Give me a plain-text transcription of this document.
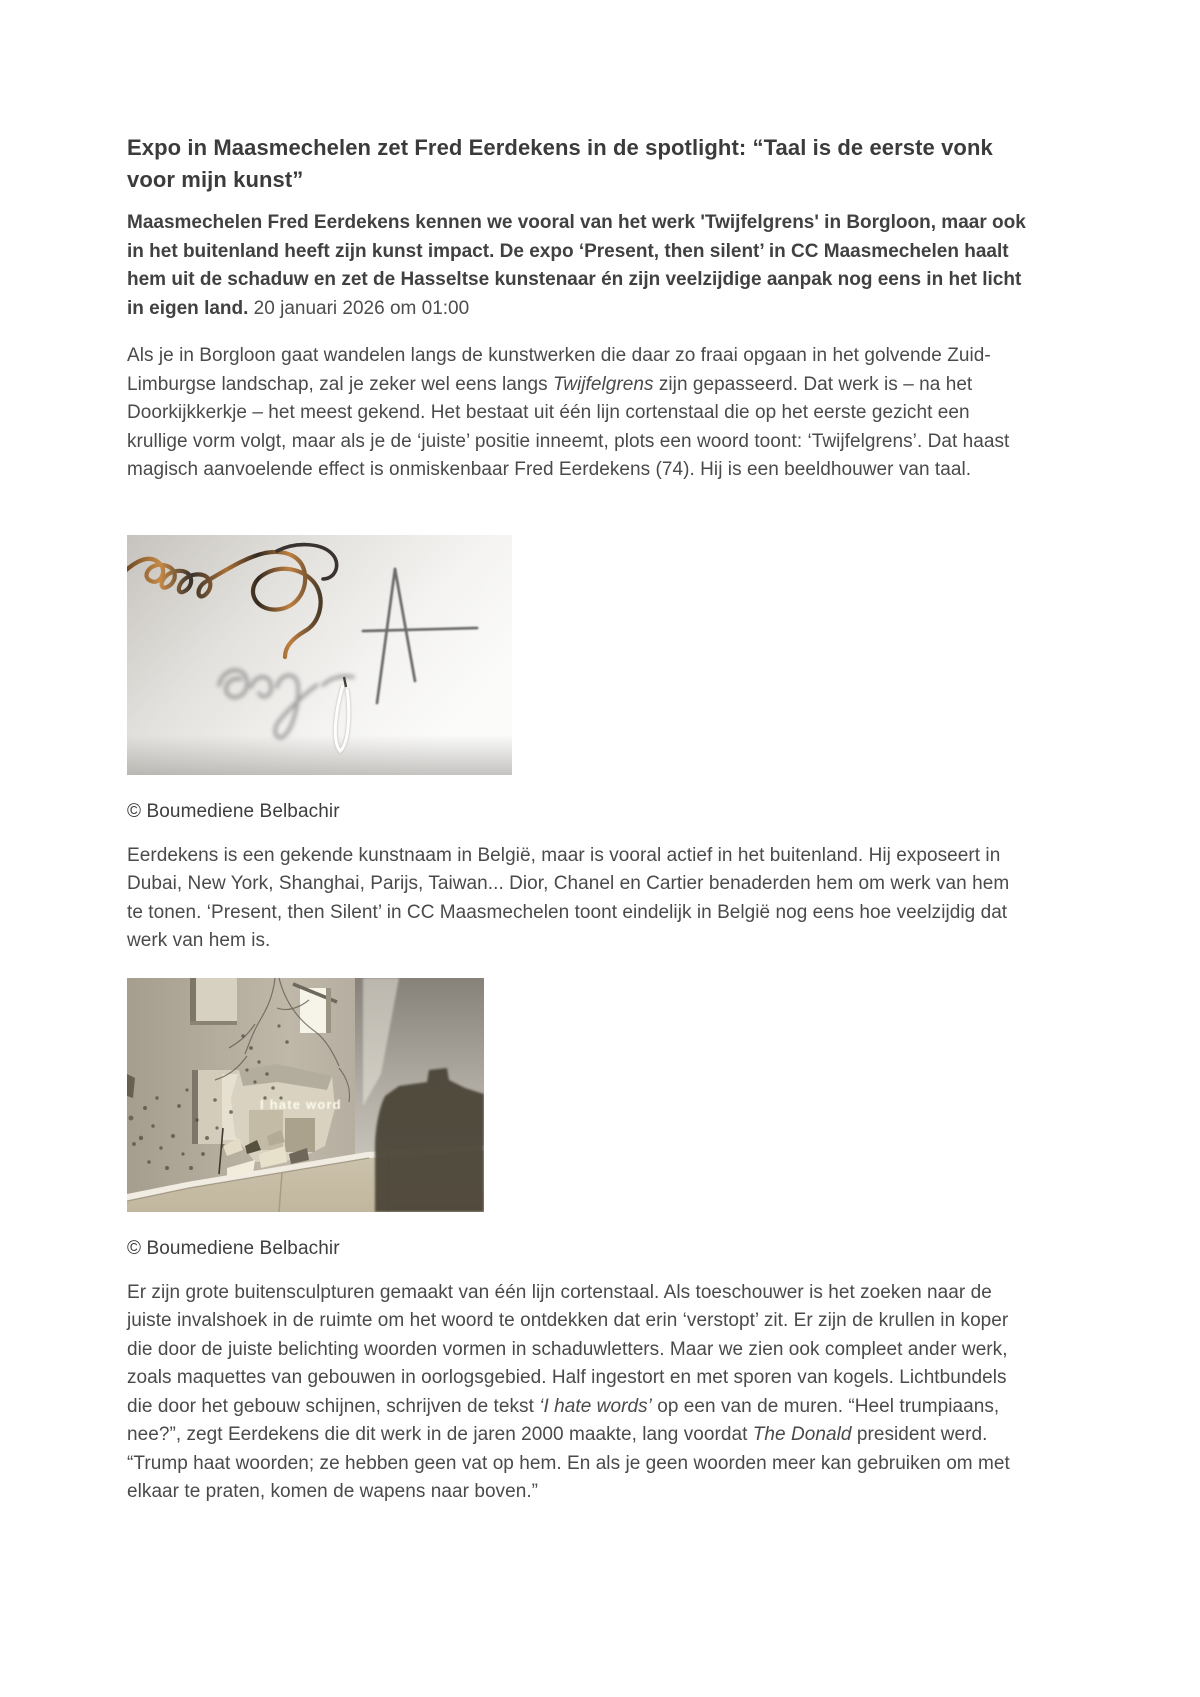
Expo in Maasmechelen zet Fred Eerdekens in de spotlight: “Taal is de eerste vonk voor mijn kunst”

Maasmechelen Fred Eerdekens kennen we vooral van het werk 'Twijfelgrens' in Borgloon, maar ook in het buitenland heeft zijn kunst impact. De expo ‘Present, then silent’ in CC Maasmechelen haalt hem uit de schaduw en zet de Hasseltse kunstenaar én zijn veelzijdige aanpak nog eens in het licht in eigen land. 20 januari 2026 om 01:00

Als je in Borgloon gaat wandelen langs de kunstwerken die daar zo fraai opgaan in het golvende Zuid-Limburgse landschap, zal je zeker wel eens langs Twijfelgrens zijn gepasseerd. Dat werk is – na het Doorkijkkerkje – het meest gekend. Het bestaat uit één lijn cortenstaal die op het eerste gezicht een krullige vorm volgt, maar als je de ‘juiste’ positie inneemt, plots een woord toont: ‘Twijfelgrens’. Dat haast magisch aanvoelende effect is onmiskenbaar Fred Eerdekens (74). Hij is een beeldhouwer van taal.

© Boumediene Belbachir

Eerdekens is een gekende kunstnaam in België, maar is vooral actief in het buitenland. Hij exposeert in Dubai, New York, Shanghai, Parijs, Taiwan... Dior, Chanel en Cartier benaderden hem om werk van hem te tonen. ‘Present, then Silent’ in CC Maasmechelen toont eindelijk in België nog eens hoe veelzijdig dat werk van hem is.

I hate word
© Boumediene Belbachir

Er zijn grote buitensculpturen gemaakt van één lijn cortenstaal. Als toeschouwer is het zoeken naar de juiste invalshoek in de ruimte om het woord te ontdekken dat erin ‘verstopt’ zit. Er zijn de krullen in koper die door de juiste belichting woorden vormen in schaduwletters. Maar we zien ook compleet ander werk, zoals maquettes van gebouwen in oorlogsgebied. Half ingestort en met sporen van kogels. Lichtbundels die door het gebouw schijnen, schrijven de tekst ‘I hate words’ op een van de muren. “Heel trumpiaans, nee?”, zegt Eerdekens die dit werk in de jaren 2000 maakte, lang voordat The Donald president werd. “Trump haat woorden; ze hebben geen vat op hem. En als je geen woorden meer kan gebruiken om met elkaar te praten, komen de wapens naar boven.”
